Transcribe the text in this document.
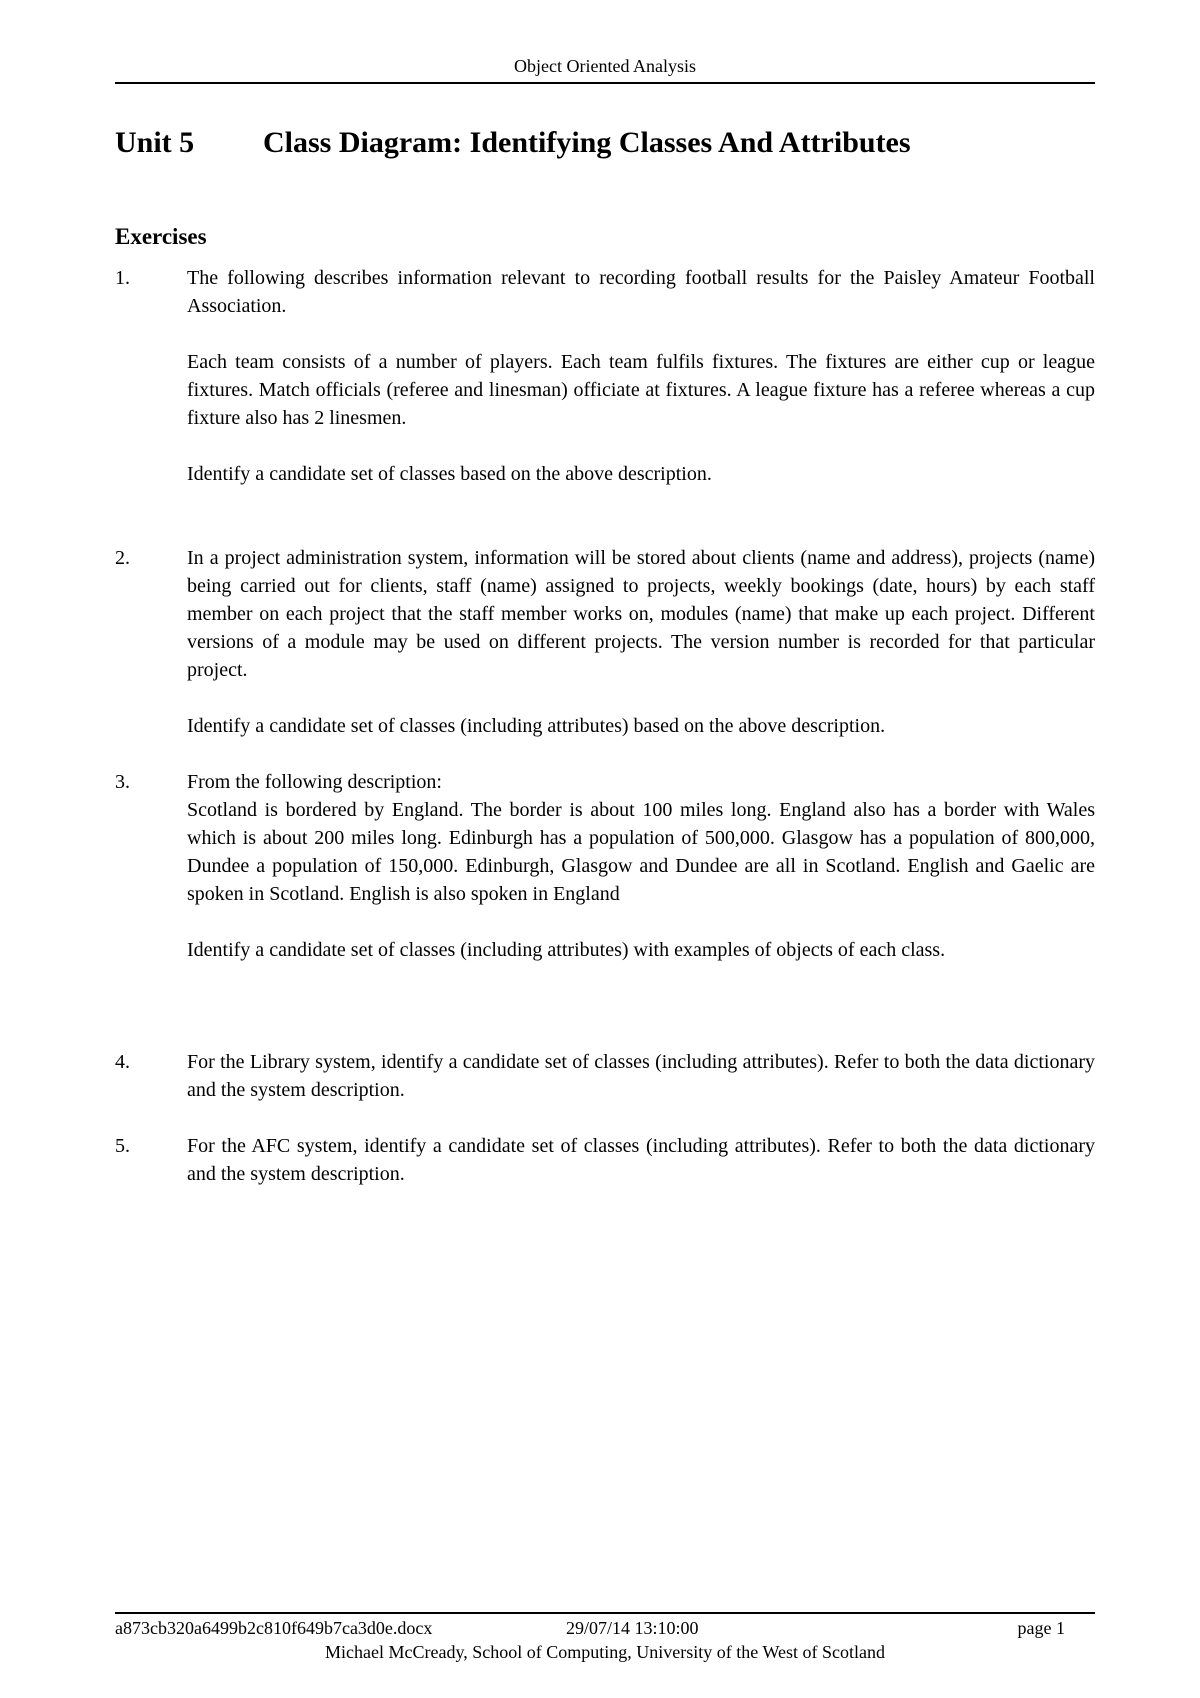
Object Oriented Analysis
Unit 5 Class Diagram: Identifying Classes And Attributes
Exercises
1.	The following describes information relevant to recording football results for the Paisley Amateur Football Association.

Each team consists of a number of players. Each team fulfils fixtures. The fixtures are either cup or league fixtures. Match officials (referee and linesman) officiate at fixtures. A league fixture has a referee whereas a cup fixture also has 2 linesmen.

Identify a candidate set of classes based on the above description.

2.	In a project administration system, information will be stored about clients (name and address), projects (name) being carried out for clients, staff (name) assigned to projects, weekly bookings (date, hours) by each staff member on each project that the staff member works on, modules (name) that make up each project. Different versions of a module may be used on different projects. The version number is recorded for that particular project.

Identify a candidate set of classes (including attributes) based on the above description.

3.	From the following description:

Scotland is bordered by England. The border is about 100 miles long. England also has a border with Wales which is about 200 miles long. Edinburgh has a population of 500,000. Glasgow has a population of 800,000, Dundee a population of 150,000. Edinburgh, Glasgow and Dundee are all in Scotland. English and Gaelic are spoken in Scotland. English is also spoken in England

Identify a candidate set of classes (including attributes) with examples of objects of each class.

4.	For the Library system, identify a candidate set of classes (including attributes). Refer to both the data dictionary and the system description.

5.	For the AFC system, identify a candidate set of classes (including attributes). Refer to both the data dictionary and the system description.

a873cb320a6499b2c810f649b7ca3d0e.docx	29/07/14 13:10:00	page 1
Michael McCready, School of Computing, University of the West of Scotland
